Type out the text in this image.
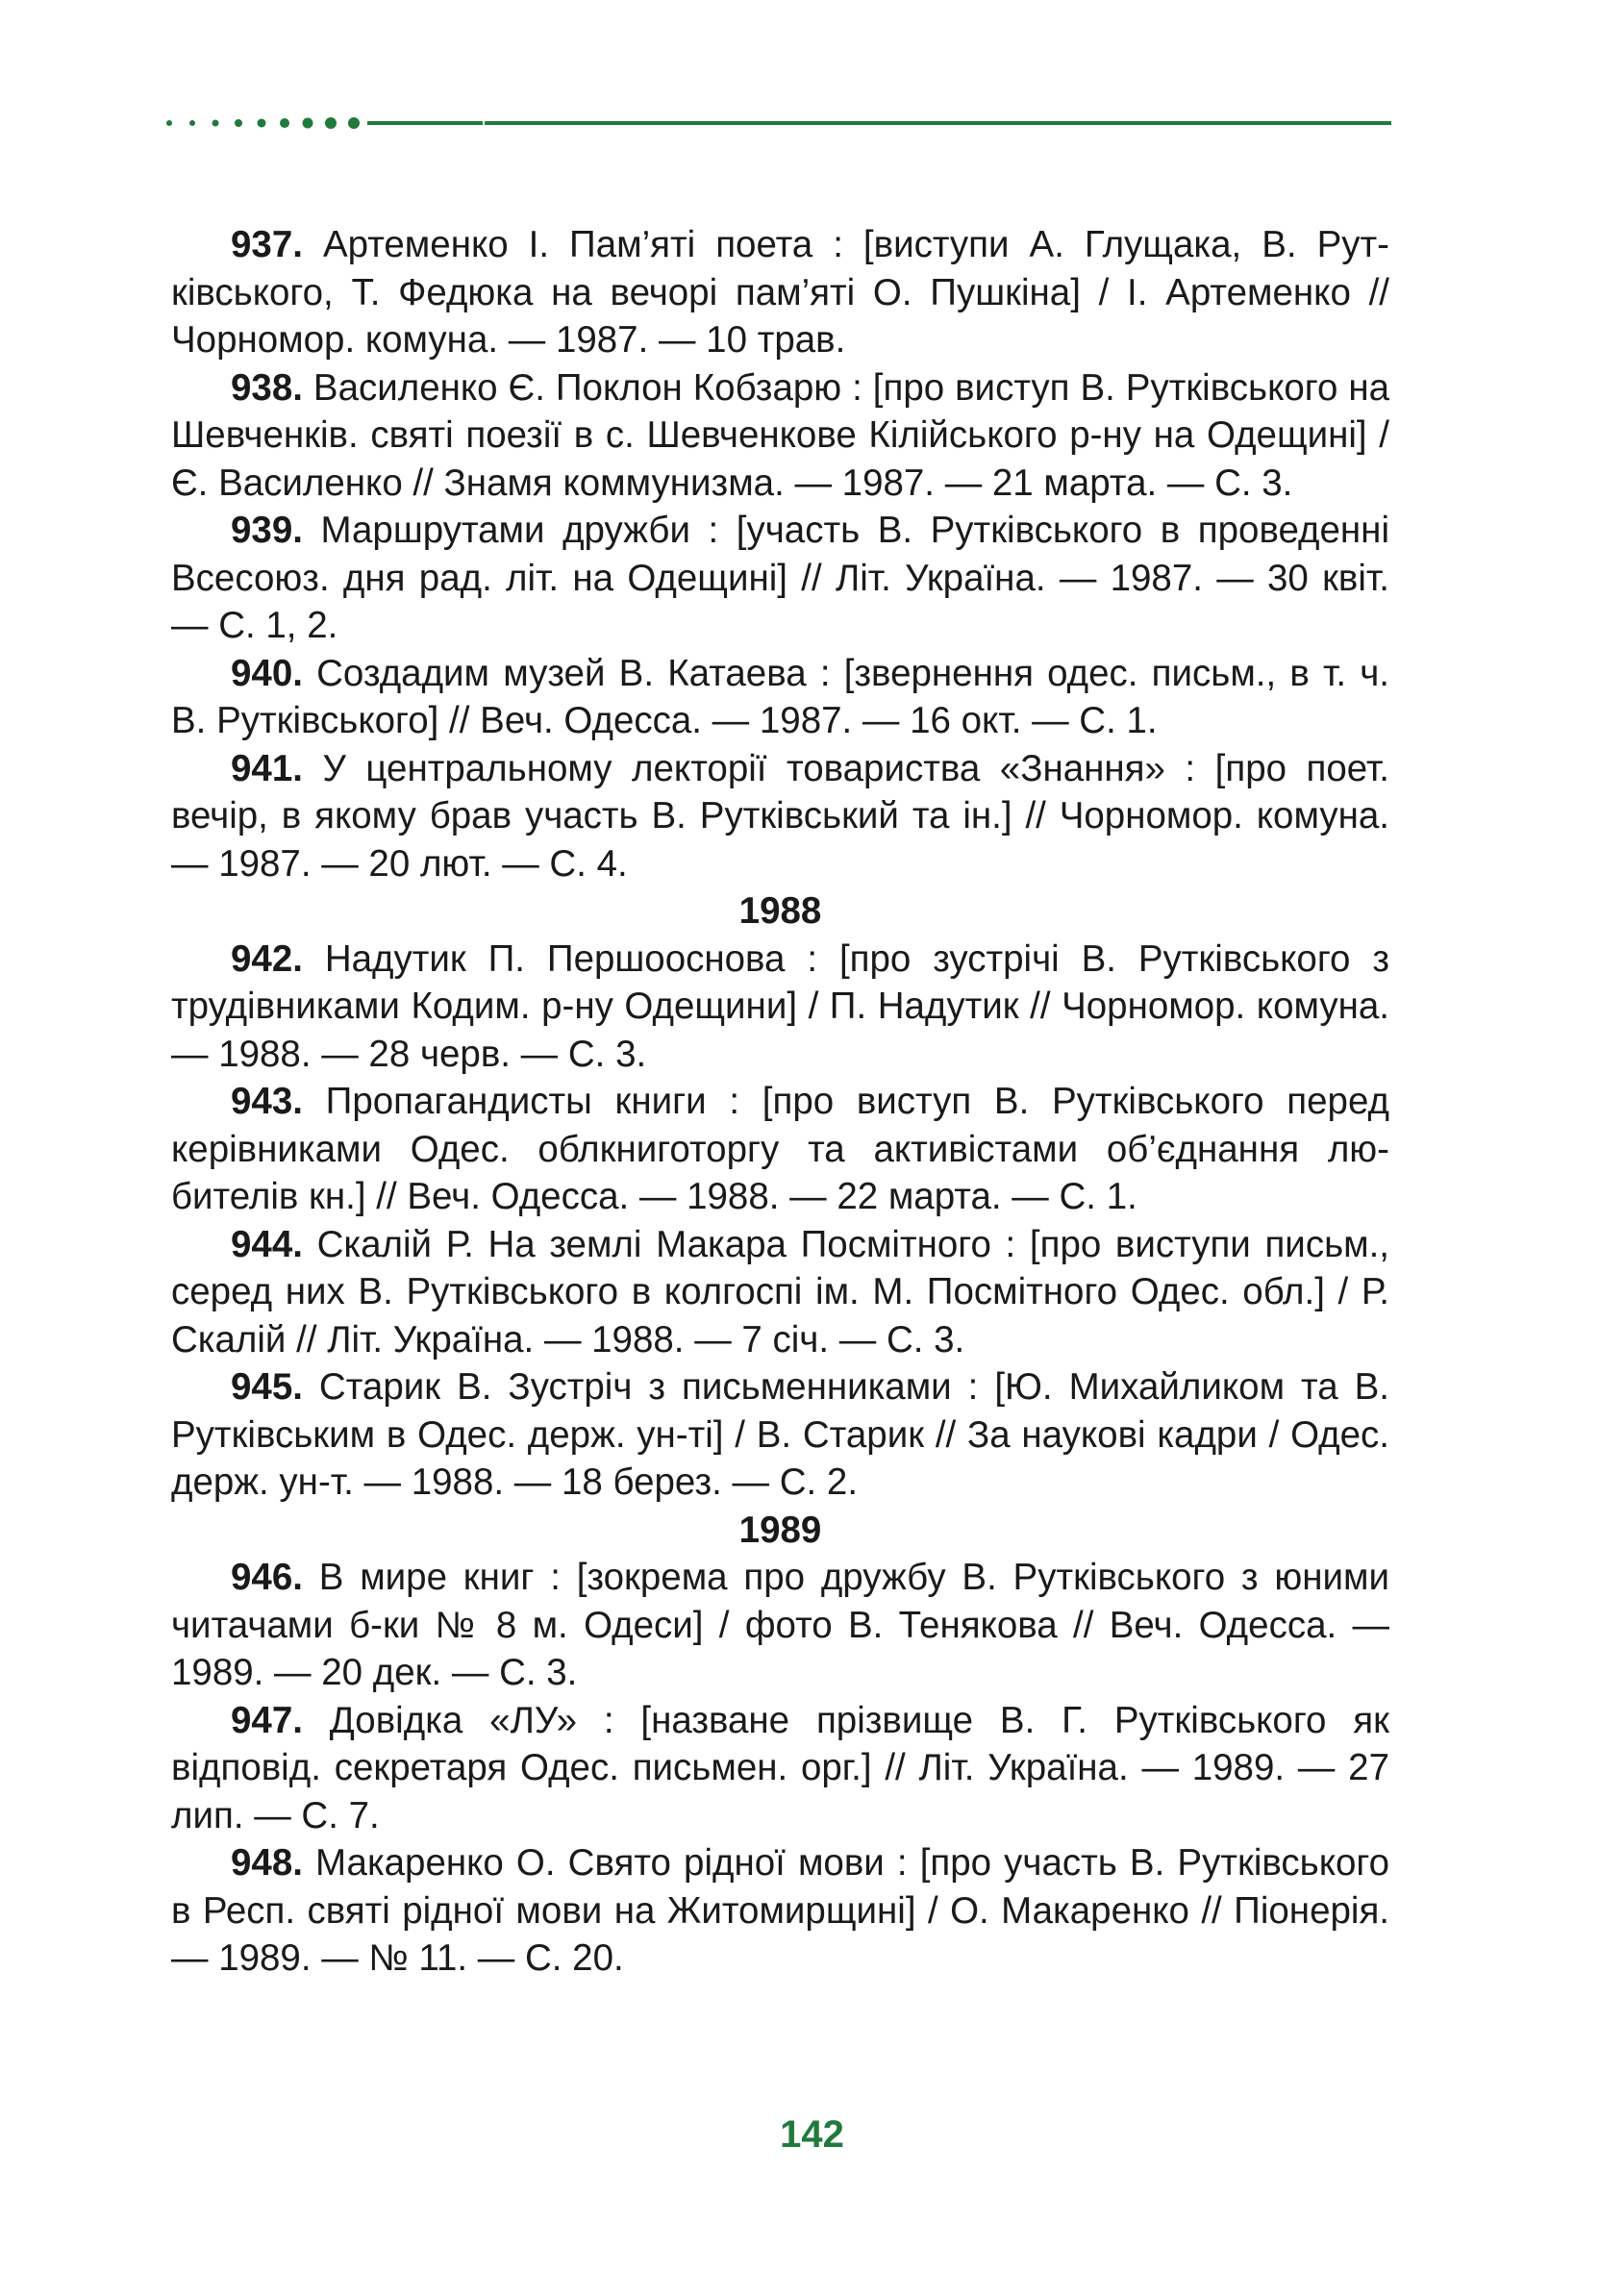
937. Артеменко І. Пам’яті поета : [виступи А. Глущака, В. Рутківського, Т. Федюка на вечорі пам’яті О. Пушкіна] / І. Артеменко // Чорномор. комуна. — 1987. — 10 трав.

938. Василенко Є. Поклон Кобзарю : [про виступ В. Рутківського на Шевченків. святі поезії в с. Шевченкове Кілійського р-ну на Одещині] / Є. Василенко // Знамя коммунизма. — 1987. — 21 марта. — С. 3.

939. Маршрутами дружби : [участь В. Рутківського в проведенні Всесоюз. дня рад. літ. на Одещині] // Літ. Україна. — 1987. — 30 квіт. — С. 1, 2.

940. Создадим музей В. Катаева : [звернення одес. письм., в т. ч. В. Рутківського] // Веч. Одесса. — 1987. — 16 окт. — С. 1.

941. У центральному лекторії товариства «Знання» : [про поет. вечір, в якому брав участь В. Рутківський та ін.] // Чорномор. комуна. — 1987. — 20 лют. — С. 4.

1988

942. Надутик П. Першооснова : [про зустрічі В. Рутківського з трудівниками Кодим. р-ну Одещини] / П. Надутик // Чорномор. комуна. — 1988. — 28 черв. — С. 3.

943. Пропагандисты книги : [про виступ В. Рутківського перед керівниками Одес. облкниготоргу та активістами об’єднання любителів кн.] // Веч. Одесса. — 1988. — 22 марта. — С. 1.

944. Скалій Р. На землі Макара Посмітного : [про виступи письм., серед них В. Рутківського в колгоспі ім. М. Посмітного Одес. обл.] / Р. Скалій // Літ. Україна. — 1988. — 7 січ. — С. 3.

945. Старик В. Зустріч з письменниками : [Ю. Михайликом та В. Рутківським в Одес. держ. ун-ті] / В. Старик // За наукові кадри / Одес. держ. ун-т. — 1988. — 18 берез. — С. 2.

1989

946. В мире книг : [зокрема про дружбу В. Рутківського з юними читачами б-ки № 8 м. Одеси] / фото В. Тенякова // Веч. Одесса. — 1989. — 20 дек. — С. 3.

947. Довідка «ЛУ» : [назване прізвище В. Г. Рутківського як відповід. секретаря Одес. письмен. орг.] // Літ. Україна. — 1989. — 27 лип. — С. 7.

948. Макаренко О. Свято рідної мови : [про участь В. Рутківського в Респ. святі рідної мови на Житомирщині] / О. Макаренко // Піонерія. — 1989. — № 11. — С. 20.

142
